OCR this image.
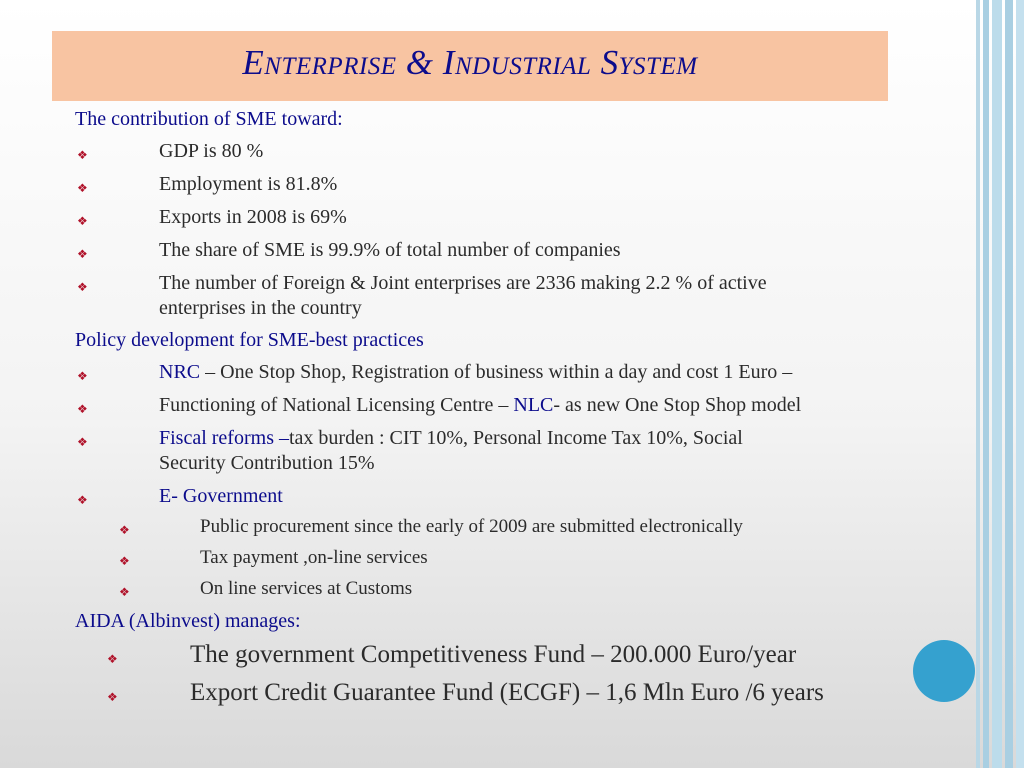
Enterprise & Industrial System
The contribution of SME toward:
❖	GDP is 80 %
❖	Employment is 81.8%
❖	Exports in 2008 is 69%
❖	The share of SME is 99.9% of total number of companies
❖	The number of Foreign & Joint enterprises are 2336 making 2.2 % of active
enterprises in the country
Policy development for SME-best practices
❖	NRC – One Stop Shop, Registration of business within a day and cost 1 Euro –
❖	Functioning of National Licensing Centre – NLC- as new One Stop Shop model
❖	Fiscal reforms –tax burden : CIT 10%, Personal Income Tax 10%, Social
Security Contribution 15%
❖	E- Government
❖	Public procurement since the early of 2009 are submitted electronically
❖	Tax payment ,on-line services
❖	On line services at Customs
AIDA (Albinvest) manages:
❖	The government Competitiveness Fund – 200.000 Euro/year
❖	Export Credit Guarantee Fund (ECGF) – 1,6 Mln Euro /6 years
